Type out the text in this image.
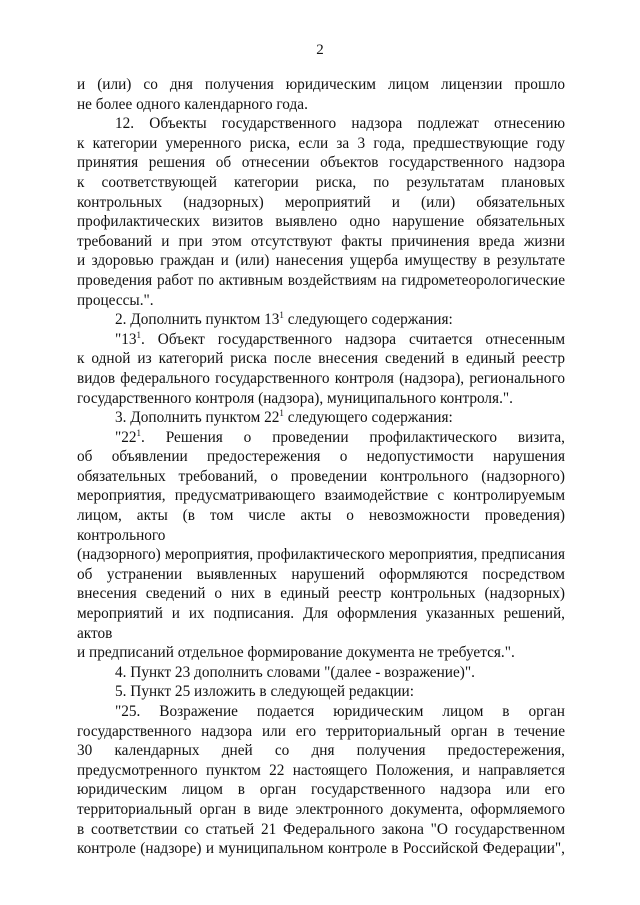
2
и (или) со дня получения юридическим лицом лицензии прошло
не более одного календарного года.
12. Объекты государственного надзора подлежат отнесению
к категории умеренного риска, если за 3 года, предшествующие году
принятия решения об отнесении объектов государственного надзора
к соответствующей категории риска, по результатам плановых
контрольных (надзорных) мероприятий и (или) обязательных
профилактических визитов выявлено одно нарушение обязательных
требований и при этом отсутствуют факты причинения вреда жизни
и здоровью граждан и (или) нанесения ущерба имуществу в результате
проведения работ по активным воздействиям на гидрометеорологические
процессы.".
2. Дополнить пунктом $13^1$ следующего содержания:
"$13^1$. Объект государственного надзора считается отнесенным
к одной из категорий риска после внесения сведений в единый реестр
видов федерального государственного контроля (надзора), регионального
государственного контроля (надзора), муниципального контроля.".
3. Дополнить пунктом $22^1$ следующего содержания:
"$22^1$. Решения о проведении профилактического визита,
об объявлении предостережения о недопустимости нарушения
обязательных требований, о проведении контрольного (надзорного)
мероприятия, предусматривающего взаимодействие с контролируемым
лицом, акты (в том числе акты о невозможности проведения) контрольного
(надзорного) мероприятия, профилактического мероприятия, предписания
об устранении выявленных нарушений оформляются посредством
внесения сведений о них в единый реестр контрольных (надзорных)
мероприятий и их подписания. Для оформления указанных решений, актов
и предписаний отдельное формирование документа не требуется.".
4. Пункт 23 дополнить словами "(далее - возражение)".
5. Пункт 25 изложить в следующей редакции:
"25. Возражение подается юридическим лицом в орган
государственного надзора или его территориальный орган в течение
30 календарных дней со дня получения предостережения,
предусмотренного пунктом 22 настоящего Положения, и направляется
юридическим лицом в орган государственного надзора или его
территориальный орган в виде электронного документа, оформляемого
в соответствии со статьей 21 Федерального закона "О государственном
контроле (надзоре) и муниципальном контроле в Российской Федерации",
